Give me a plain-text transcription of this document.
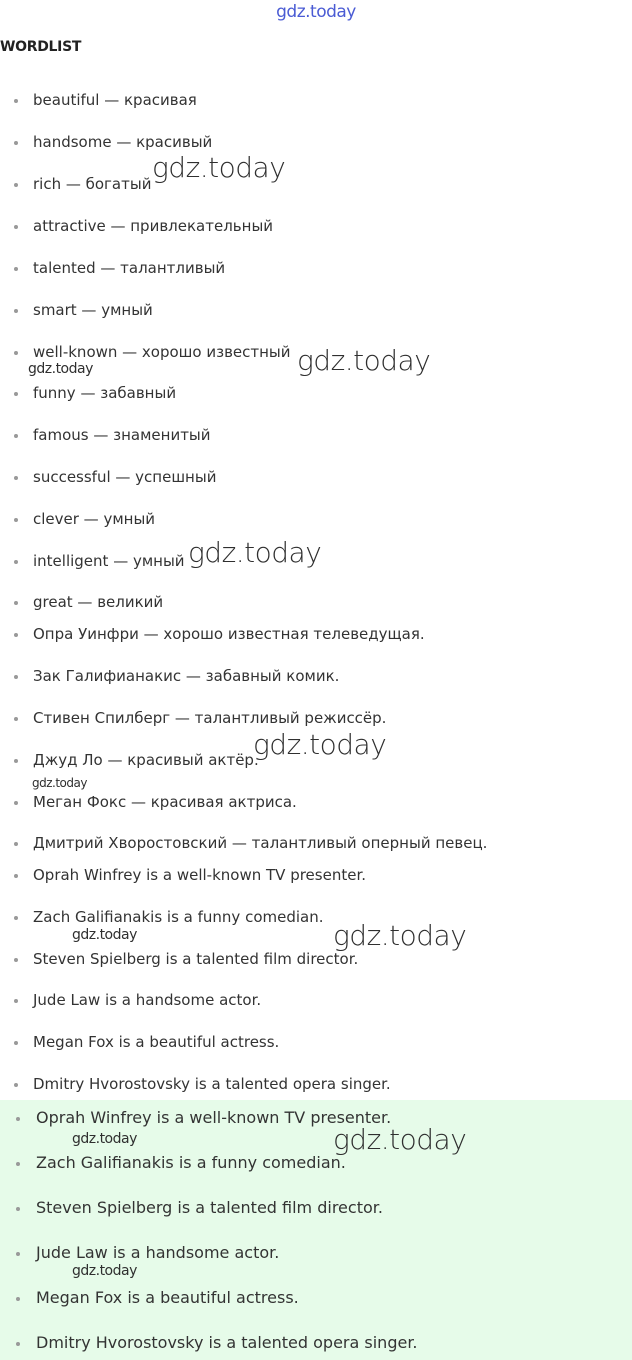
gdz.today
WORDLIST
beautiful — красивая
handsome — красивый
rich — богатый
attractive — привлекательный
talented — талантливый
smart — умный
well-known — хорошо известный
funny — забавный
famous — знаменитый
successful — успешный
clever — умный
intelligent — умный
great — великий
Опра Уинфри — хорошо известная телеведущая.
Зак Галифианакис — забавный комик.
Стивен Спилберг — талантливый режиссёр.
Джуд Ло — красивый актёр.
Меган Фокс — красивая актриса.
Дмитрий Хворостовский — талантливый оперный певец.
Oprah Winfrey is a well-known TV presenter.
Zach Galifianakis is a funny comedian.
Steven Spielberg is a talented film director.
Jude Law is a handsome actor.
Megan Fox is a beautiful actress.
Dmitry Hvorostovsky is a talented opera singer.
Oprah Winfrey is a well-known TV presenter.
Zach Galifianakis is a funny comedian.
Steven Spielberg is a talented film director.
Jude Law is a handsome actor.
Megan Fox is a beautiful actress.
Dmitry Hvorostovsky is a talented opera singer.
gdz.today
gdz.today
gdz.today
gdz.today
gdz.today
gdz.today
gdz.today	gdz.today
gdz.today	gdz.today
gdz.today
